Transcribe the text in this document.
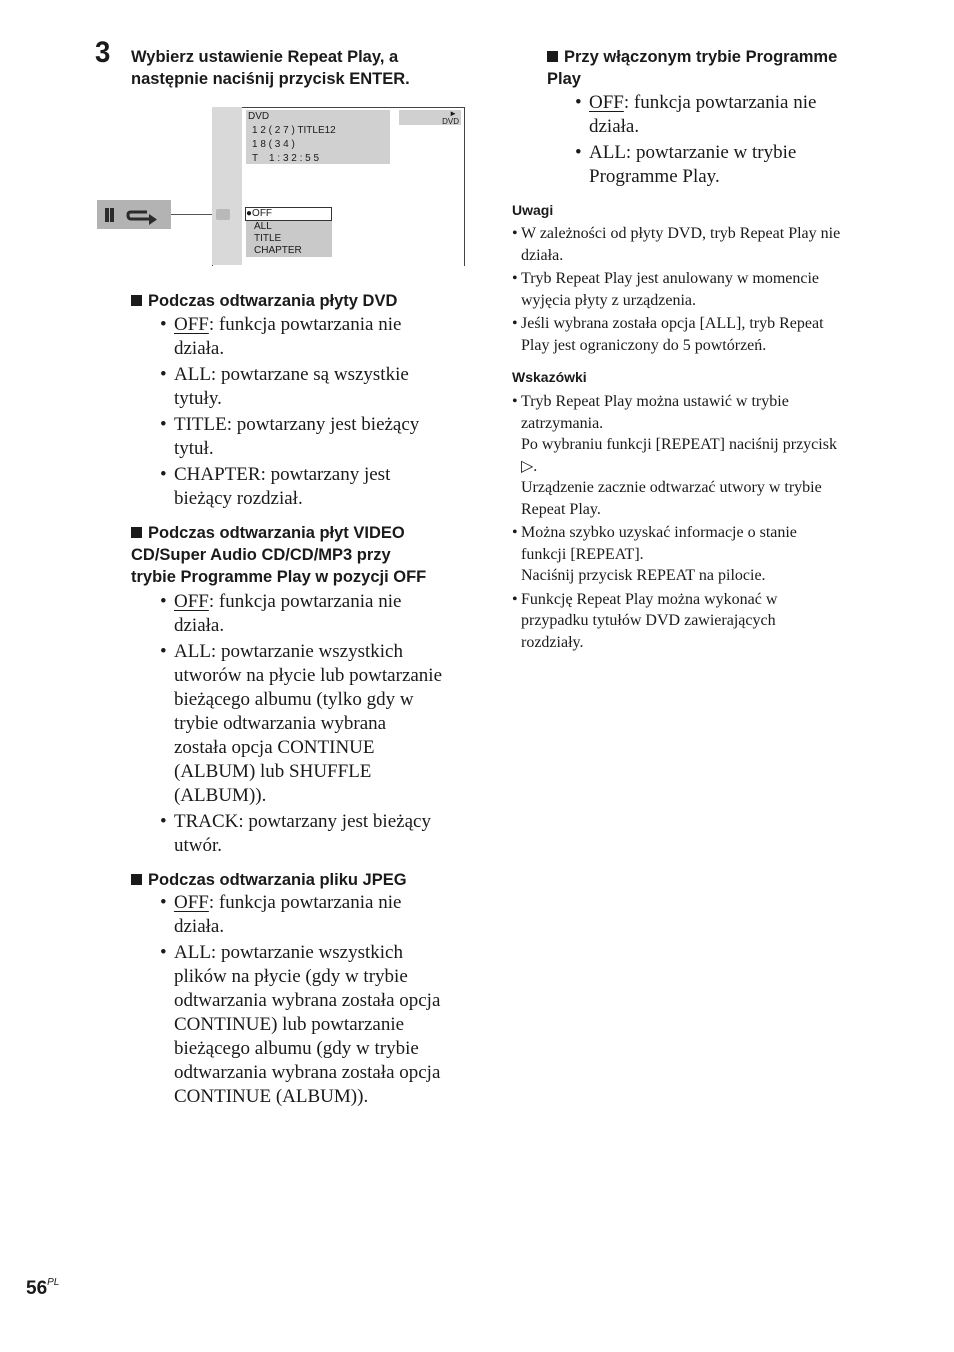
3 Wybierz ustawienie Repeat Play, a
następnie naciśnij przycisk ENTER.
DVD
1 2 ( 2 7 ) TITLE12
1 8 ( 3 4 )
T    1 : 3 2 : 5 5
►
DVD
●OFF
ALL
TITLE
CHAPTER
Podczas odtwarzania płyty DVD
• OFF: funkcja powtarzania nie
działa.
• ALL: powtarzane są wszystkie
tytuły.
• TITLE: powtarzany jest bieżący
tytuł.
• CHAPTER: powtarzany jest
bieżący rozdział.
Podczas odtwarzania płyt VIDEO
CD/Super Audio CD/CD/MP3 przy
trybie Programme Play w pozycji OFF
• OFF: funkcja powtarzania nie
działa.
• ALL: powtarzanie wszystkich
utworów na płycie lub powtarzanie
bieżącego albumu (tylko gdy w
trybie odtwarzania wybrana
została opcja CONTINUE
(ALBUM) lub SHUFFLE
(ALBUM)).
• TRACK: powtarzany jest bieżący
utwór.
Podczas odtwarzania pliku JPEG
• OFF: funkcja powtarzania nie
działa.
• ALL: powtarzanie wszystkich
plików na płycie (gdy w trybie
odtwarzania wybrana została opcja
CONTINUE) lub powtarzanie
bieżącego albumu (gdy w trybie
odtwarzania wybrana została opcja
CONTINUE (ALBUM)).
Przy włączonym trybie Programme
Play
• OFF: funkcja powtarzania nie
działa.
• ALL: powtarzanie w trybie
Programme Play.
Uwagi
• W zależności od płyty DVD, tryb Repeat Play nie
działa.
• Tryb Repeat Play jest anulowany w momencie
wyjęcia płyty z urządzenia.
• Jeśli wybrana została opcja [ALL], tryb Repeat
Play jest ograniczony do 5 powtórzeń.
Wskazówki
• Tryb Repeat Play można ustawić w trybie
zatrzymania.
Po wybraniu funkcji [REPEAT] naciśnij przycisk
▷.
Urządzenie zacznie odtwarzać utwory w trybie
Repeat Play.
• Można szybko uzyskać informacje o stanie
funkcji [REPEAT].
Naciśnij przycisk REPEAT na pilocie.
• Funkcję Repeat Play można wykonać w
przypadku tytułów DVD zawierających
rozdziały.
$56^{PL}$
